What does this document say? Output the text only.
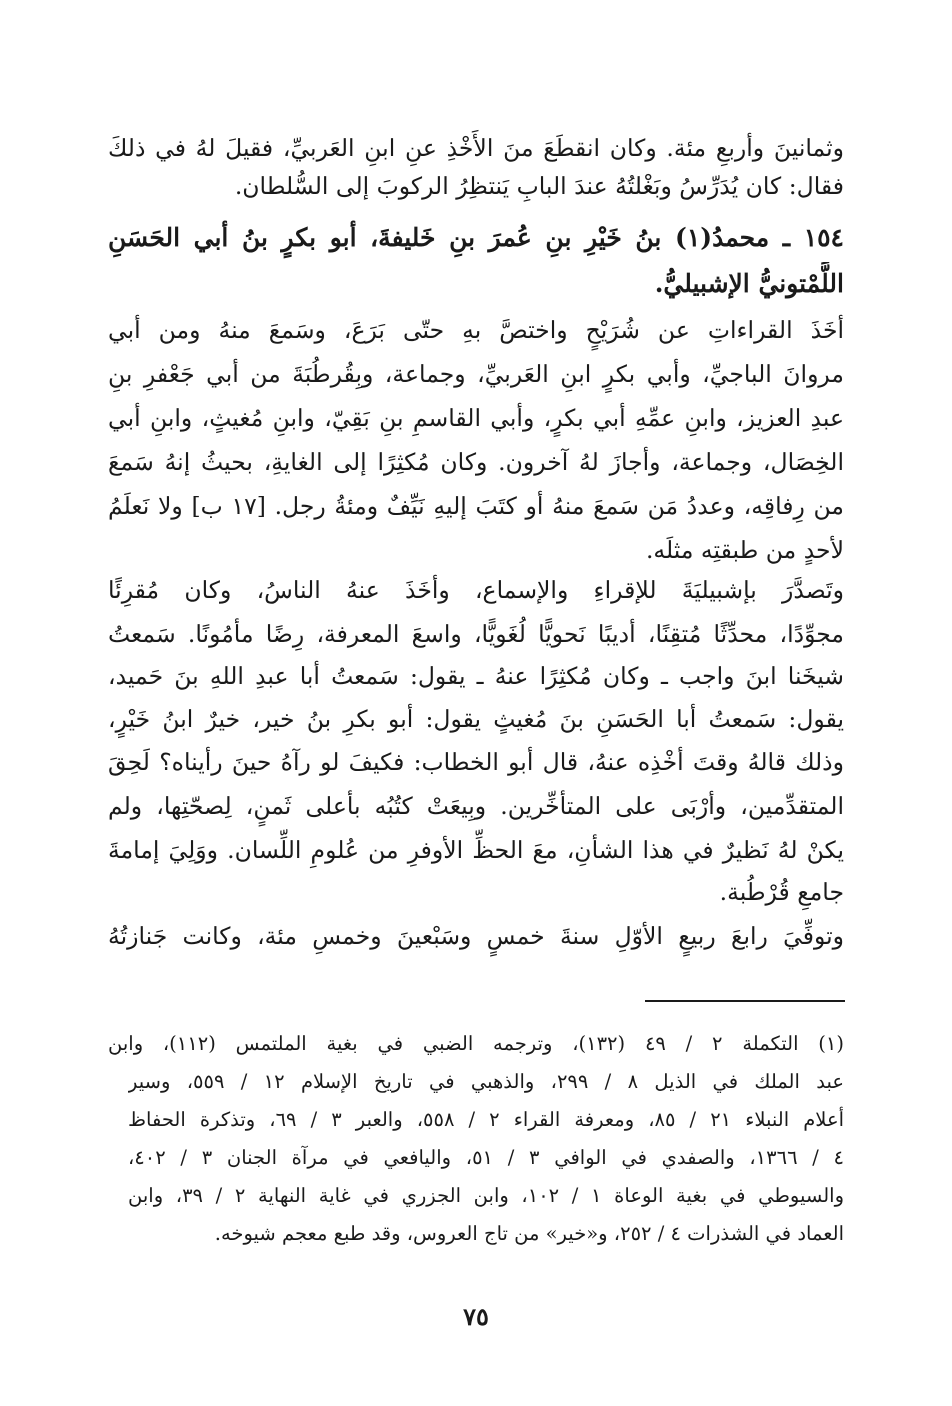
وثمانينَ وأربعِ مئة. وكان انقطَعَ منَ الأَخْذِ عنِ ابنِ العَربيِّ، فقيلَ لهُ في ذلكَ
فقال: كان يُدَرِّسُ وبَغْلتُهُ عندَ البابِ يَنتظِرُ الركوبَ إلى السُّلطان.
١٥٤ ـ محمدُ(١) بنُ خَيْرِ بنِ عُمرَ بنِ خَليفةَ، أبو بكرٍ بنُ أبي الحَسَنِ
اللَّمْتونيُّ الإشبيليُّ.
أخَذَ القراءاتِ عن شُرَيْحٍ واختصَّ بهِ حتّى بَرَعَ، وسَمعَ منهُ ومن أبي
مروانَ الباجيِّ، وأبي بكرٍ ابنِ العَربيِّ، وجماعة، وبِقُرطُبَةَ من أبي جَعْفرِ بنِ
عبدِ العزيز، وابنِ عمِّهِ أبي بكرٍ، وأبي القاسمِ بنِ بَقِيّ، وابنِ مُغيثٍ، وابنِ أبي
الخِصَال، وجماعة، وأجازَ لهُ آخرون. وكان مُكثِرًا إلى الغايةِ، بحيثُ إنهُ سَمعَ
من رِفاقِه، وعددُ مَن سَمعَ منهُ أو كتَبَ إليهِ نَيِّفٌ ومئةُ رجل. [١٧ ب] ولا نَعلَمُ
لأحدٍ من طبقتِه مثلَه.
وتَصدَّرَ بإشبيليَةَ للإقراءِ والإسماع، وأخَذَ عنهُ الناسُ، وكان مُقرِئًا
مجوِّدًا، محدِّثًا مُتقِنًا، أديبًا نَحويًّا لُغَويًّا، واسعَ المعرفة، رِضًا مأمُونًا. سَمعتُ
شيخَنا ابنَ واجب ـ وكان مُكثِرًا عنهُ ـ يقول: سَمعتُ أبا عبدِ اللهِ بنَ حَميد،
يقول: سَمعتُ أبا الحَسَنِ بنَ مُغيثٍ يقول: أبو بكرِ بنُ خير، خيرٌ ابنُ خَيْرٍ،
وذلك قالهُ وقتَ أخْذِه عنهُ، قال أبو الخطاب: فكيفَ لو رآهُ حينَ رأيناه؟ لَحِقَ
المتقدِّمين، وأرْبَى على المتأخِّرين. وبِيعَتْ كتُبُه بأعلى ثَمنٍ، لِصحّتِها، ولم
يكنْ لهُ نَظيرٌ في هذا الشأنِ، معَ الحظِّ الأوفرِ من عُلومِ اللِّسان. ووَلِيَ إمامةَ
جامعِ قُرْطُبة.
وتوفِّيَ رابعَ ربيعٍ الأوّلِ سنةَ خمسٍ وسَبْعينَ وخمسِ مئة، وكانت جَنازتُهُ
(١) التكملة ٢ / ٤٩ (١٣٢)، وترجمه الضبي في بغية الملتمس (١١٢)، وابن
عبد الملك في الذيل ٨ / ٢٩٩، والذهبي في تاريخ الإسلام ١٢ / ٥٥٩، وسير
أعلام النبلاء ٢١ / ٨٥، ومعرفة القراء ٢ / ٥٥٨، والعبر ٣ / ٦٩، وتذكرة الحفاظ
٤ / ١٣٦٦، والصفدي في الوافي ٣ / ٥١، واليافعي في مرآة الجنان ٣ / ٤٠٢،
والسيوطي في بغية الوعاة ١ / ١٠٢، وابن الجزري في غاية النهاية ٢ / ٣٩، وابن
العماد في الشذرات ٤ / ٢٥٢، و«خير» من تاج العروس، وقد طبع معجم شيوخه.
٧٥
